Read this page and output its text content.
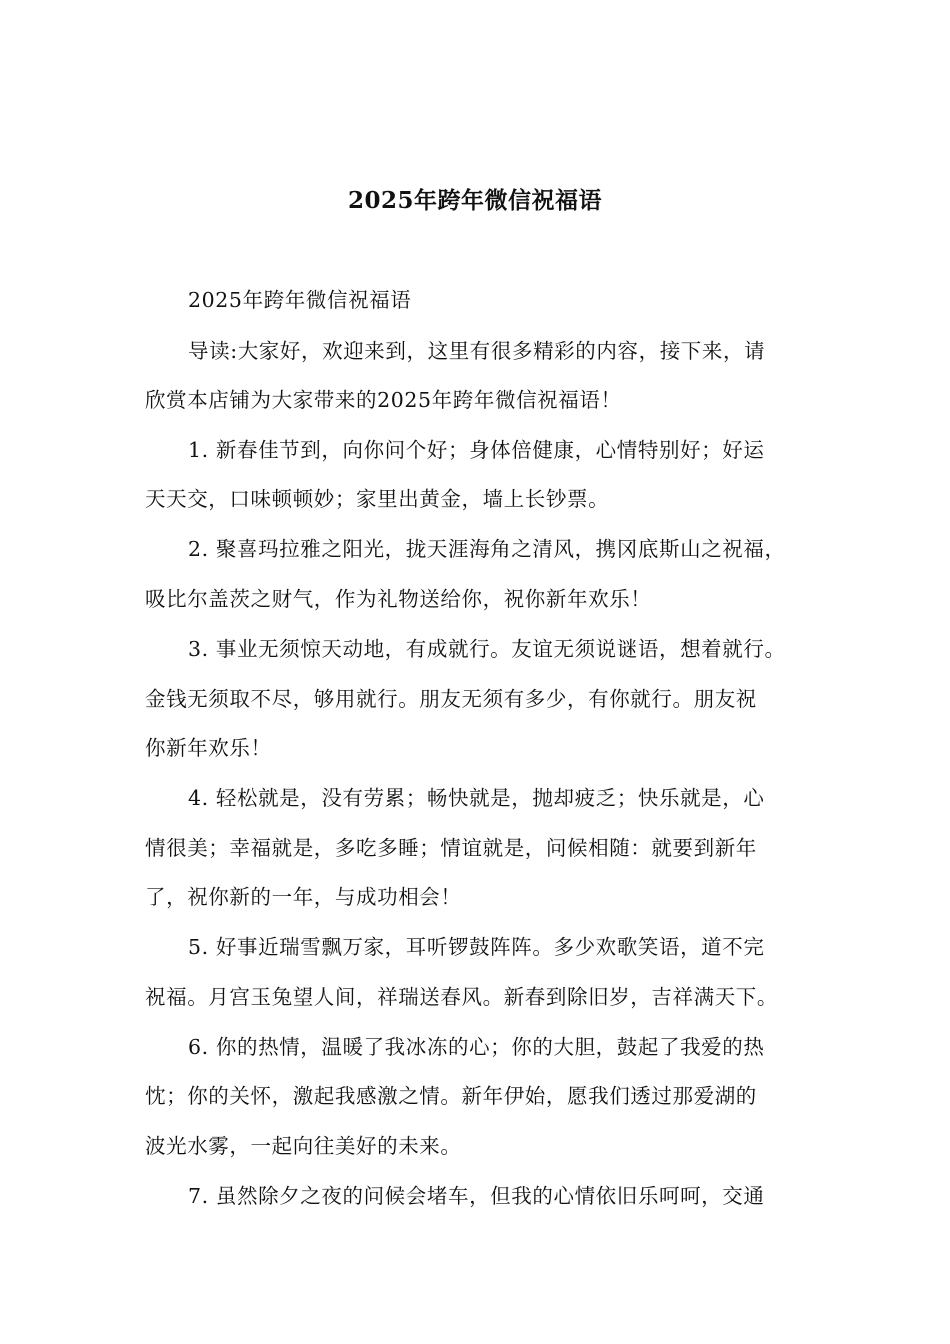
2025年跨年微信祝福语
2025年跨年微信祝福语
导读:大家好，欢迎来到，这里有很多精彩的内容，接下来，请
欣赏本店铺为大家带来的2025年跨年微信祝福语！
1. 新春佳节到，向你问个好；身体倍健康，心情特别好；好运
天天交，口味顿顿妙；家里出黄金，墙上长钞票。
2. 聚喜玛拉雅之阳光，拢天涯海角之清风，携冈底斯山之祝福，
吸比尔盖茨之财气，作为礼物送给你，祝你新年欢乐！
3. 事业无须惊天动地，有成就行。友谊无须说谜语，想着就行。
金钱无须取不尽，够用就行。朋友无须有多少，有你就行。朋友祝
你新年欢乐！
4. 轻松就是，没有劳累；畅快就是，抛却疲乏；快乐就是，心
情很美；幸福就是，多吃多睡；情谊就是，问候相随：就要到新年
了，祝你新的一年，与成功相会！
5. 好事近瑞雪飘万家，耳听锣鼓阵阵。多少欢歌笑语，道不完
祝福。月宫玉兔望人间，祥瑞送春风。新春到除旧岁，吉祥满天下。
6. 你的热情，温暖了我冰冻的心；你的大胆，鼓起了我爱的热
忱；你的关怀，激起我感激之情。新年伊始，愿我们透过那爱湖的
波光水雾，一起向往美好的未来。
7. 虽然除夕之夜的问候会堵车，但我的心情依旧乐呵呵，交通
